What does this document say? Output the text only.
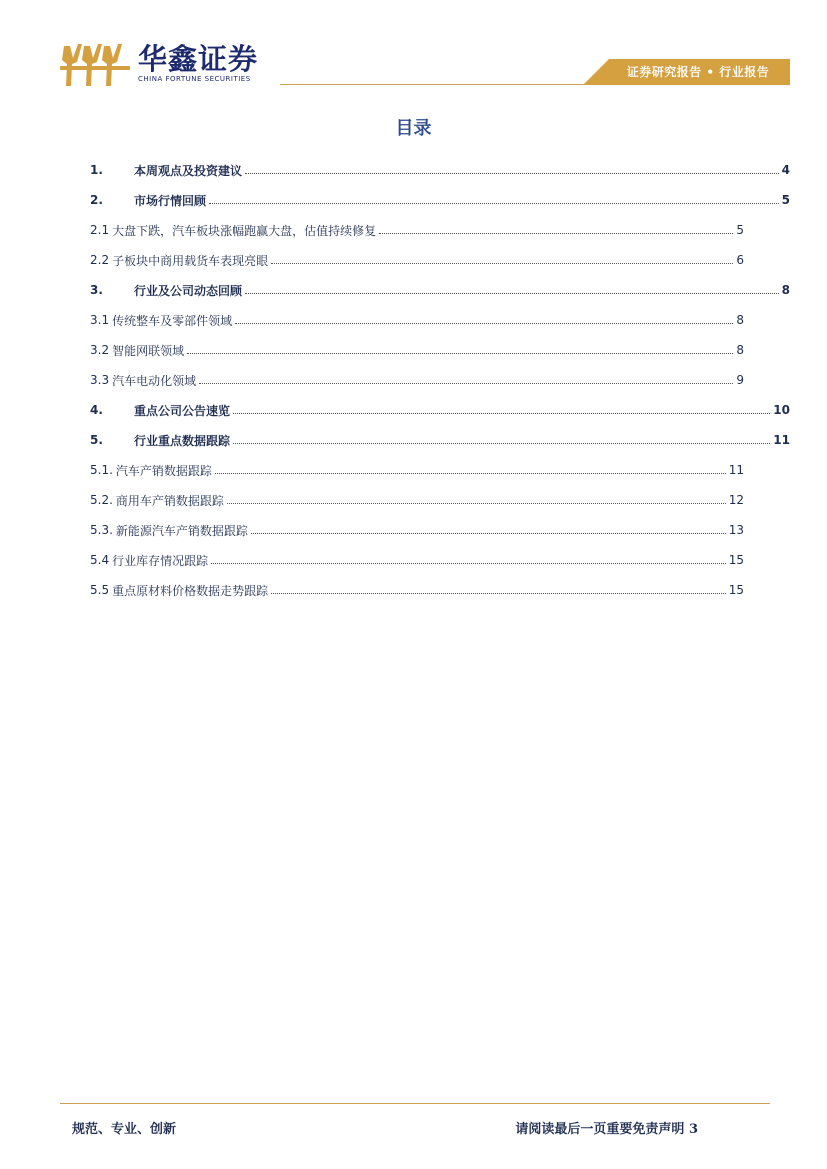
华鑫证券
CHINA FORTUNE SECURITIES	证券研究报告 • 行业报告
目录
1.	本周观点及投资建议	4
2.	市场行情回顾	5
2.1 大盘下跌，汽车板块涨幅跑赢大盘，估值持续修复	5
2.2 子板块中商用载货车表现亮眼	6
3.	行业及公司动态回顾	8
3.1 传统整车及零部件领域	8
3.2 智能网联领域	8
3.3 汽车电动化领域	9
4.	重点公司公告速览	10
5.	行业重点数据跟踪	11
5.1. 汽车产销数据跟踪	11
5.2. 商用车产销数据跟踪	12
5.3. 新能源汽车产销数据跟踪	13
5.4 行业库存情况跟踪	15
5.5 重点原材料价格数据走势跟踪	15
规范、专业、创新	请阅读最后一页重要免责声明 3
